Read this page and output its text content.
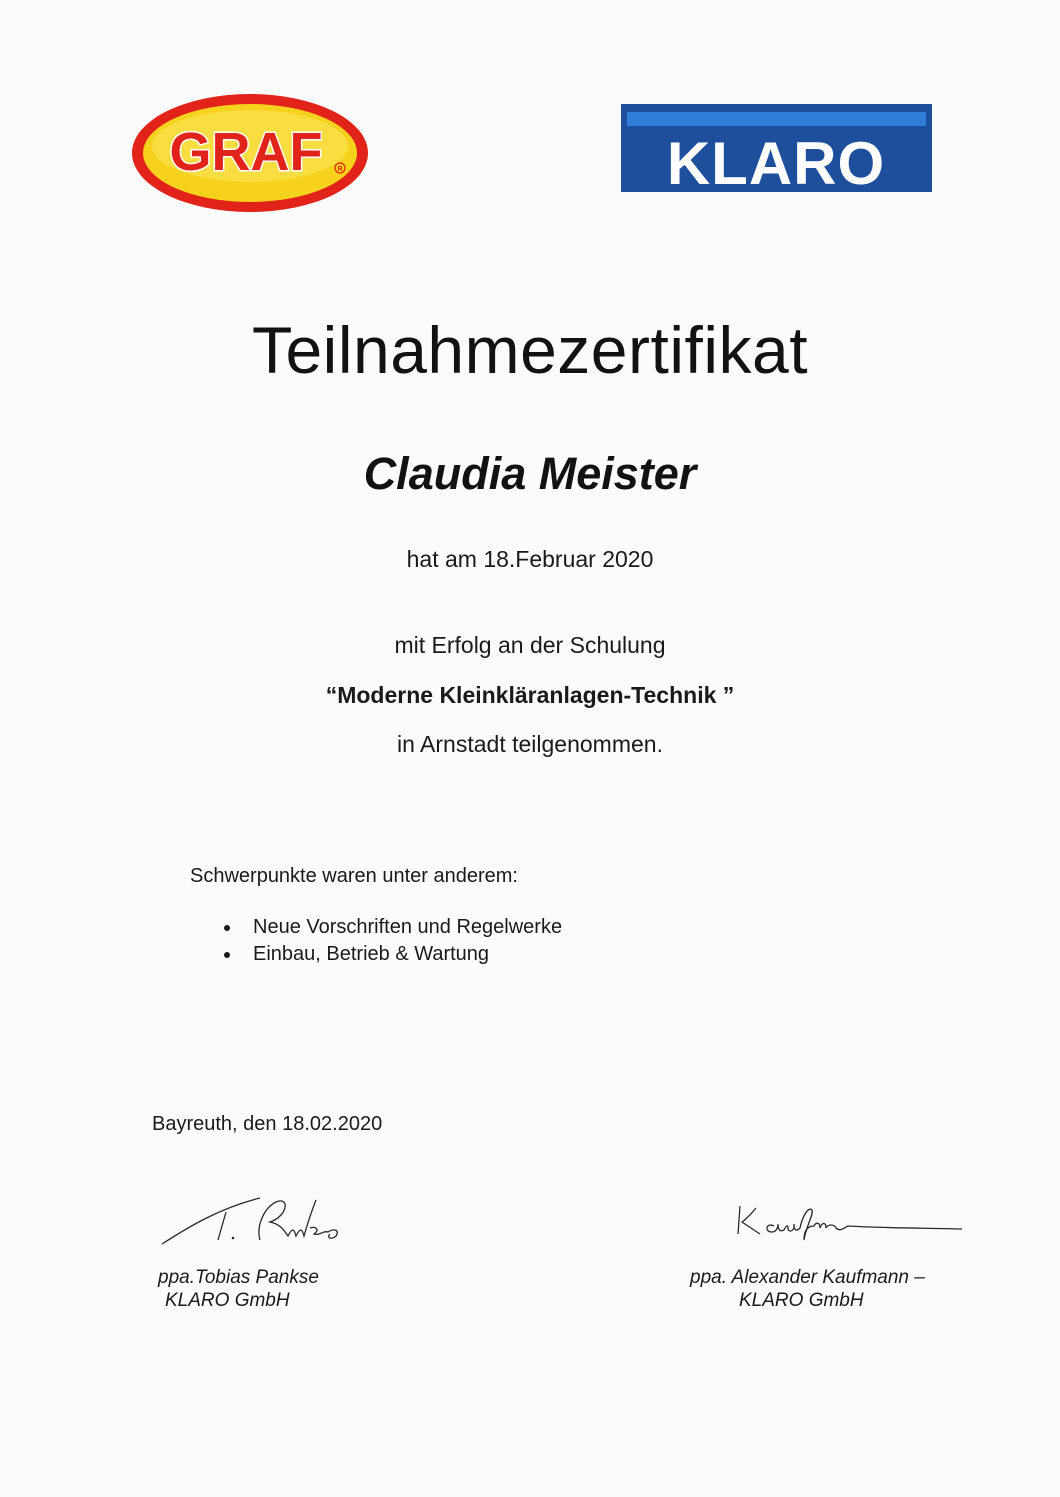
GRAF R	KLARO
Teilnahmezertifikat
Claudia Meister
hat am 18.Februar 2020
mit Erfolg an der Schulung
“Moderne Kleinkläranlagen-Technik ”
in Arnstadt teilgenommen.
Schwerpunkte waren unter anderem:
Neue Vorschriften und Regelwerke
Einbau, Betrieb & Wartung
Bayreuth, den 18.02.2020
ppa.Tobias Pankse
KLARO GmbH
ppa. Alexander Kaufmann –
KLARO GmbH
